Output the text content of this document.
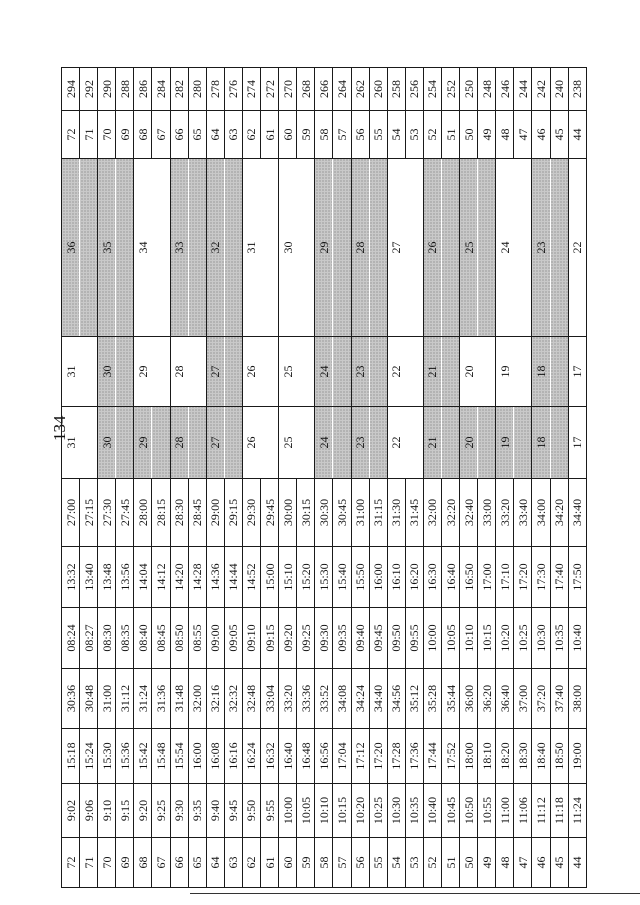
134
72	9:02	15:18	30:36	08:24	13:32	27:00	31	31	36	72	294
71	9:06	15:24	30:48	08:27	13:40	27:15				71	292
70	9:10	15:30	31:00	08:30	13:48	27:30	30	30	35	70	290
69	9:15	15:36	31:12	08:35	13:56	27:45				69	288
68	9:20	15:42	31:24	08:40	14:04	28:00	29	29	34	68	286
67	9:25	15:48	31:36	08:45	14:12	28:15				67	284
66	9:30	15:54	31:48	08:50	14:20	28:30	28	28	33	66	282
65	9:35	16:00	32:00	08:55	14:28	28:45				65	280
64	9:40	16:08	32:16	09:00	14:36	29:00	27	27	32	64	278
63	9:45	16:16	32:32	09:05	14:44	29:15				63	276
62	9:50	16:24	32:48	09:10	14:52	29:30	26	26	31	62	274
61	9:55	16:32	33:04	09:15	15:00	29:45				61	272
60	10:00	16:40	33:20	09:20	15:10	30:00	25	25	30	60	270
59	10:05	16:48	33:36	09:25	15:20	30:15				59	268
58	10:10	16:56	33:52	09:30	15:30	30:30	24	24	29	58	266
57	10:15	17:04	34:08	09:35	15:40	30:45				57	264
56	10:20	17:12	34:24	09:40	15:50	31:00	23	23	28	56	262
55	10:25	17:20	34:40	09:45	16:00	31:15				55	260
54	10:30	17:28	34:56	09:50	16:10	31:30	22	22	27	54	258
53	10:35	17:36	35:12	09:55	16:20	31:45				53	256
52	10:40	17:44	35:28	10:00	16:30	32:00	21	21	26	52	254
51	10:45	17:52	35:44	10:05	16:40	32:20				51	252
50	10:50	18:00	36:00	10:10	16:50	32:40	20	20	25	50	250
49	10:55	18:10	36:20	10:15	17:00	33:00				49	248
48	11:00	18:20	36:40	10:20	17:10	33:20	19	19	24	48	246
47	11:06	18:30	37:00	10:25	17:20	33:40				47	244
46	11:12	18:40	37:20	10:30	17:30	34:00	18	18	23	46	242
45	11:18	18:50	37:40	10:35	17:40	34:20				45	240
44	11:24	19:00	38:00	10:40	17:50	34:40	17	17	22	44	238
